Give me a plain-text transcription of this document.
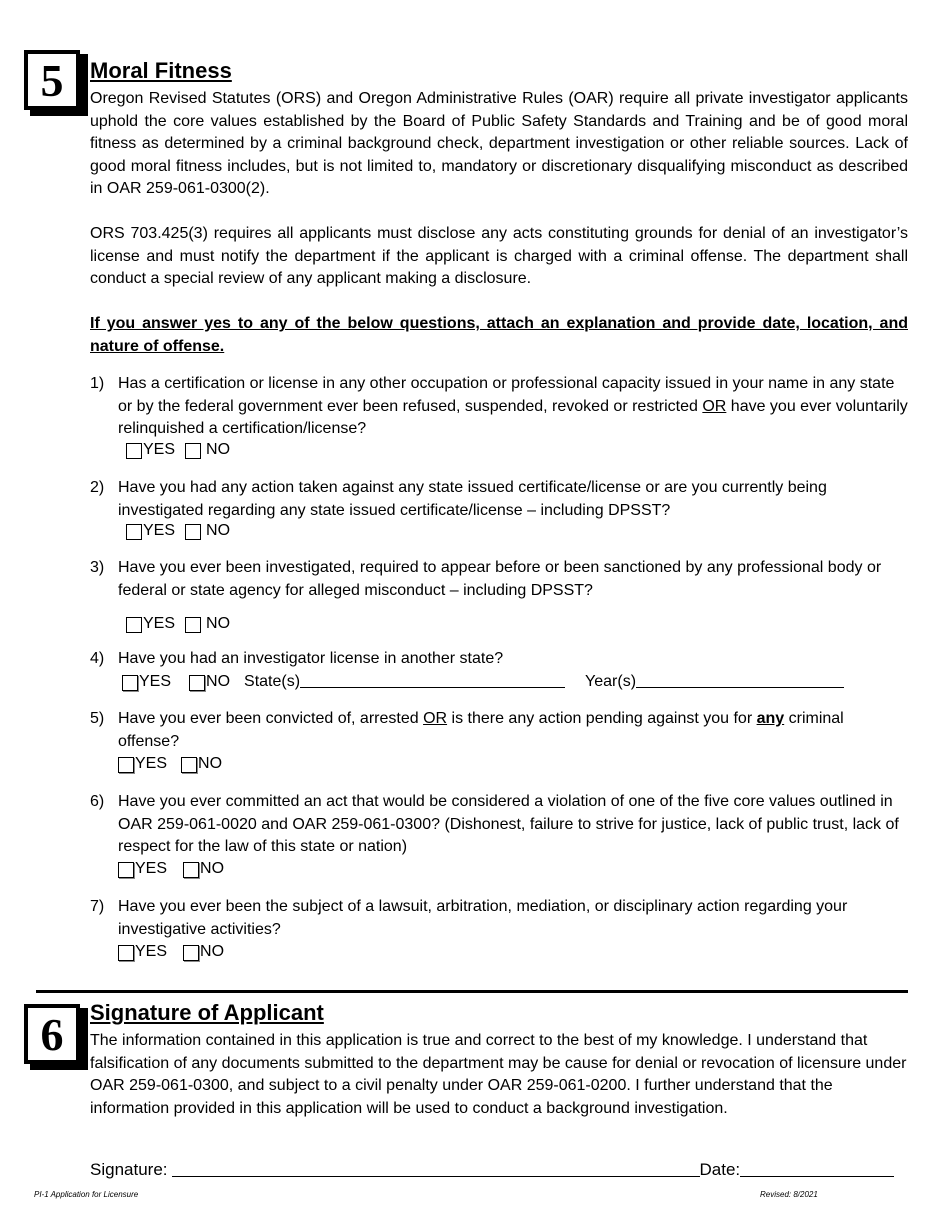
5	Moral Fitness
Oregon Revised Statutes (ORS) and Oregon Administrative Rules (OAR) require all private investigator applicants uphold the core values established by the Board of Public Safety Standards and Training and be of good moral fitness as determined by a criminal background check, department investigation or other reliable sources. Lack of good moral fitness includes, but is not limited to, mandatory or discretionary disqualifying misconduct as described in OAR 259-061-0300(2).
ORS 703.425(3) requires all applicants must disclose any acts constituting grounds for denial of an investigator’s license and must notify the department if the applicant is charged with a criminal offense. The department shall conduct a special review of any applicant making a disclosure.
If you answer yes to any of the below questions, attach an explanation and provide date, location, and nature of offense.
1) Has a certification or license in any other occupation or professional capacity issued in your name in any state or by the federal government ever been refused, suspended, revoked or restricted OR have you ever voluntarily relinquished a certification/license?
YES NO
2) Have you had any action taken against any state issued certificate/license or are you currently being investigated regarding any state issued certificate/license – including DPSST?
YES NO
3) Have you ever been investigated, required to appear before or been sanctioned by any professional body or federal or state agency for alleged misconduct – including DPSST?
YES NO
4) Have you had an investigator license in another state?
YES NO State(s)	Year(s)
5) Have you ever been convicted of, arrested OR is there any action pending against you for any criminal offense?
YES NO
6) Have you ever committed an act that would be considered a violation of one of the five core values outlined in OAR 259-061-0020 and OAR 259-061-0300? (Dishonest, failure to strive for justice, lack of public trust, lack of respect for the law of this state or nation)
YES NO
7) Have you ever been the subject of a lawsuit, arbitration, mediation, or disciplinary action regarding your investigative activities?
YES NO
6	Signature of Applicant
The information contained in this application is true and correct to the best of my knowledge. I understand that falsification of any documents submitted to the department may be cause for denial or revocation of licensure under OAR 259-061-0300, and subject to a civil penalty under OAR 259-061-0200. I further understand that the information provided in this application will be used to conduct a background investigation.
Signature:	Date:
PI-1 Application for Licensure	Revised: 8/2021
